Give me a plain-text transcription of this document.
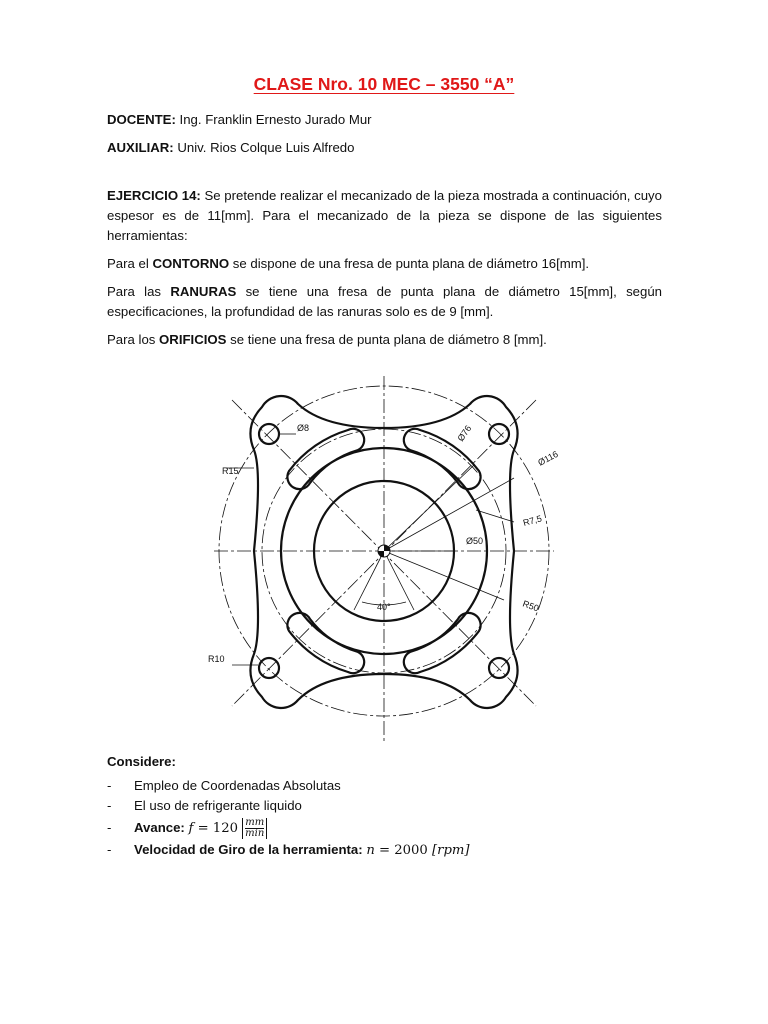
CLASE Nro. 10 MEC – 3550 “A”
DOCENTE: Ing. Franklin Ernesto Jurado Mur
AUXILIAR: Univ. Rios Colque Luis Alfredo
EJERCICIO 14: Se pretende realizar el mecanizado de la pieza mostrada a continuación, cuyo espesor es de 11[mm]. Para el mecanizado de la pieza se dispone de las siguientes herramientas:
Para el CONTORNO se dispone de una fresa de punta plana de diámetro 16[mm].
Para las RANURAS se tiene una fresa de punta plana de diámetro 15[mm], según especificaciones, la profundidad de las ranuras solo es de 9 [mm].
Para los ORIFICIOS se tiene una fresa de punta plana de diámetro 8 [mm].
Ø8	Ø76
Ø116
R15
R7,5
Ø50
R50
40°
R10
Considere:
- Empleo de Coordenadas Absolutas
- El uso de refrigerante liquido
- Avance: $f = 120 \frac{mm}{\min}$
- Velocidad de Giro de la herramienta: n = 2000 [rpm]
